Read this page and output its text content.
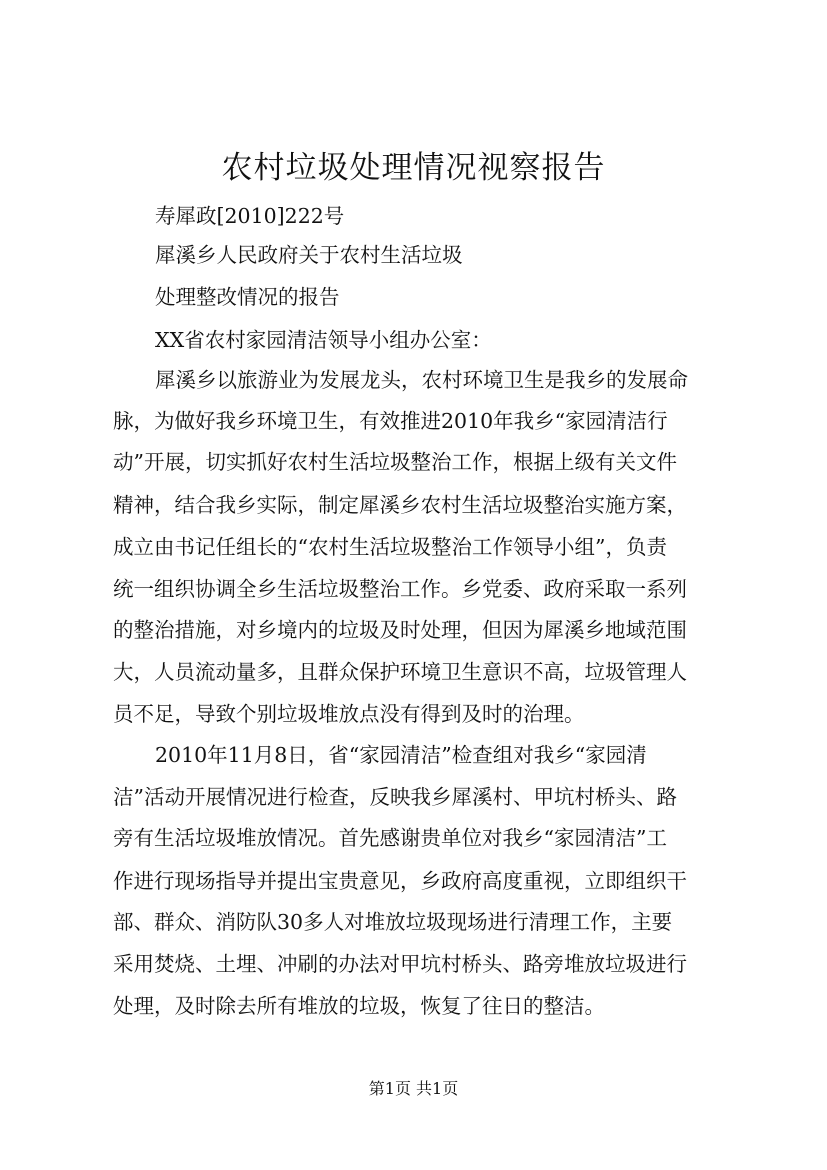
农村垃圾处理情况视察报告

寿犀政[2010]222号

犀溪乡人民政府关于农村生活垃圾

处理整改情况的报告

XX省农村家园清洁领导小组办公室：

犀溪乡以旅游业为发展龙头，农村环境卫生是我乡的发展命

脉，为做好我乡环境卫生，有效推进2010年我乡“家园清洁行

动”开展，切实抓好农村生活垃圾整治工作，根据上级有关文件

精神，结合我乡实际，制定犀溪乡农村生活垃圾整治实施方案，

成立由书记任组长的“农村生活垃圾整治工作领导小组”，负责

统一组织协调全乡生活垃圾整治工作。乡党委、政府采取一系列

的整治措施，对乡境内的垃圾及时处理，但因为犀溪乡地域范围

大，人员流动量多，且群众保护环境卫生意识不高，垃圾管理人

员不足，导致个别垃圾堆放点没有得到及时的治理。

2010年11月8日，省“家园清洁”检查组对我乡“家园清

洁”活动开展情况进行检查，反映我乡犀溪村、甲坑村桥头、路

旁有生活垃圾堆放情况。首先感谢贵单位对我乡“家园清洁”工

作进行现场指导并提出宝贵意见，乡政府高度重视，立即组织干

部、群众、消防队30多人对堆放垃圾现场进行清理工作，主要

采用焚烧、土埋、冲刷的办法对甲坑村桥头、路旁堆放垃圾进行

处理，及时除去所有堆放的垃圾，恢复了往日的整洁。

第1页 共1页
